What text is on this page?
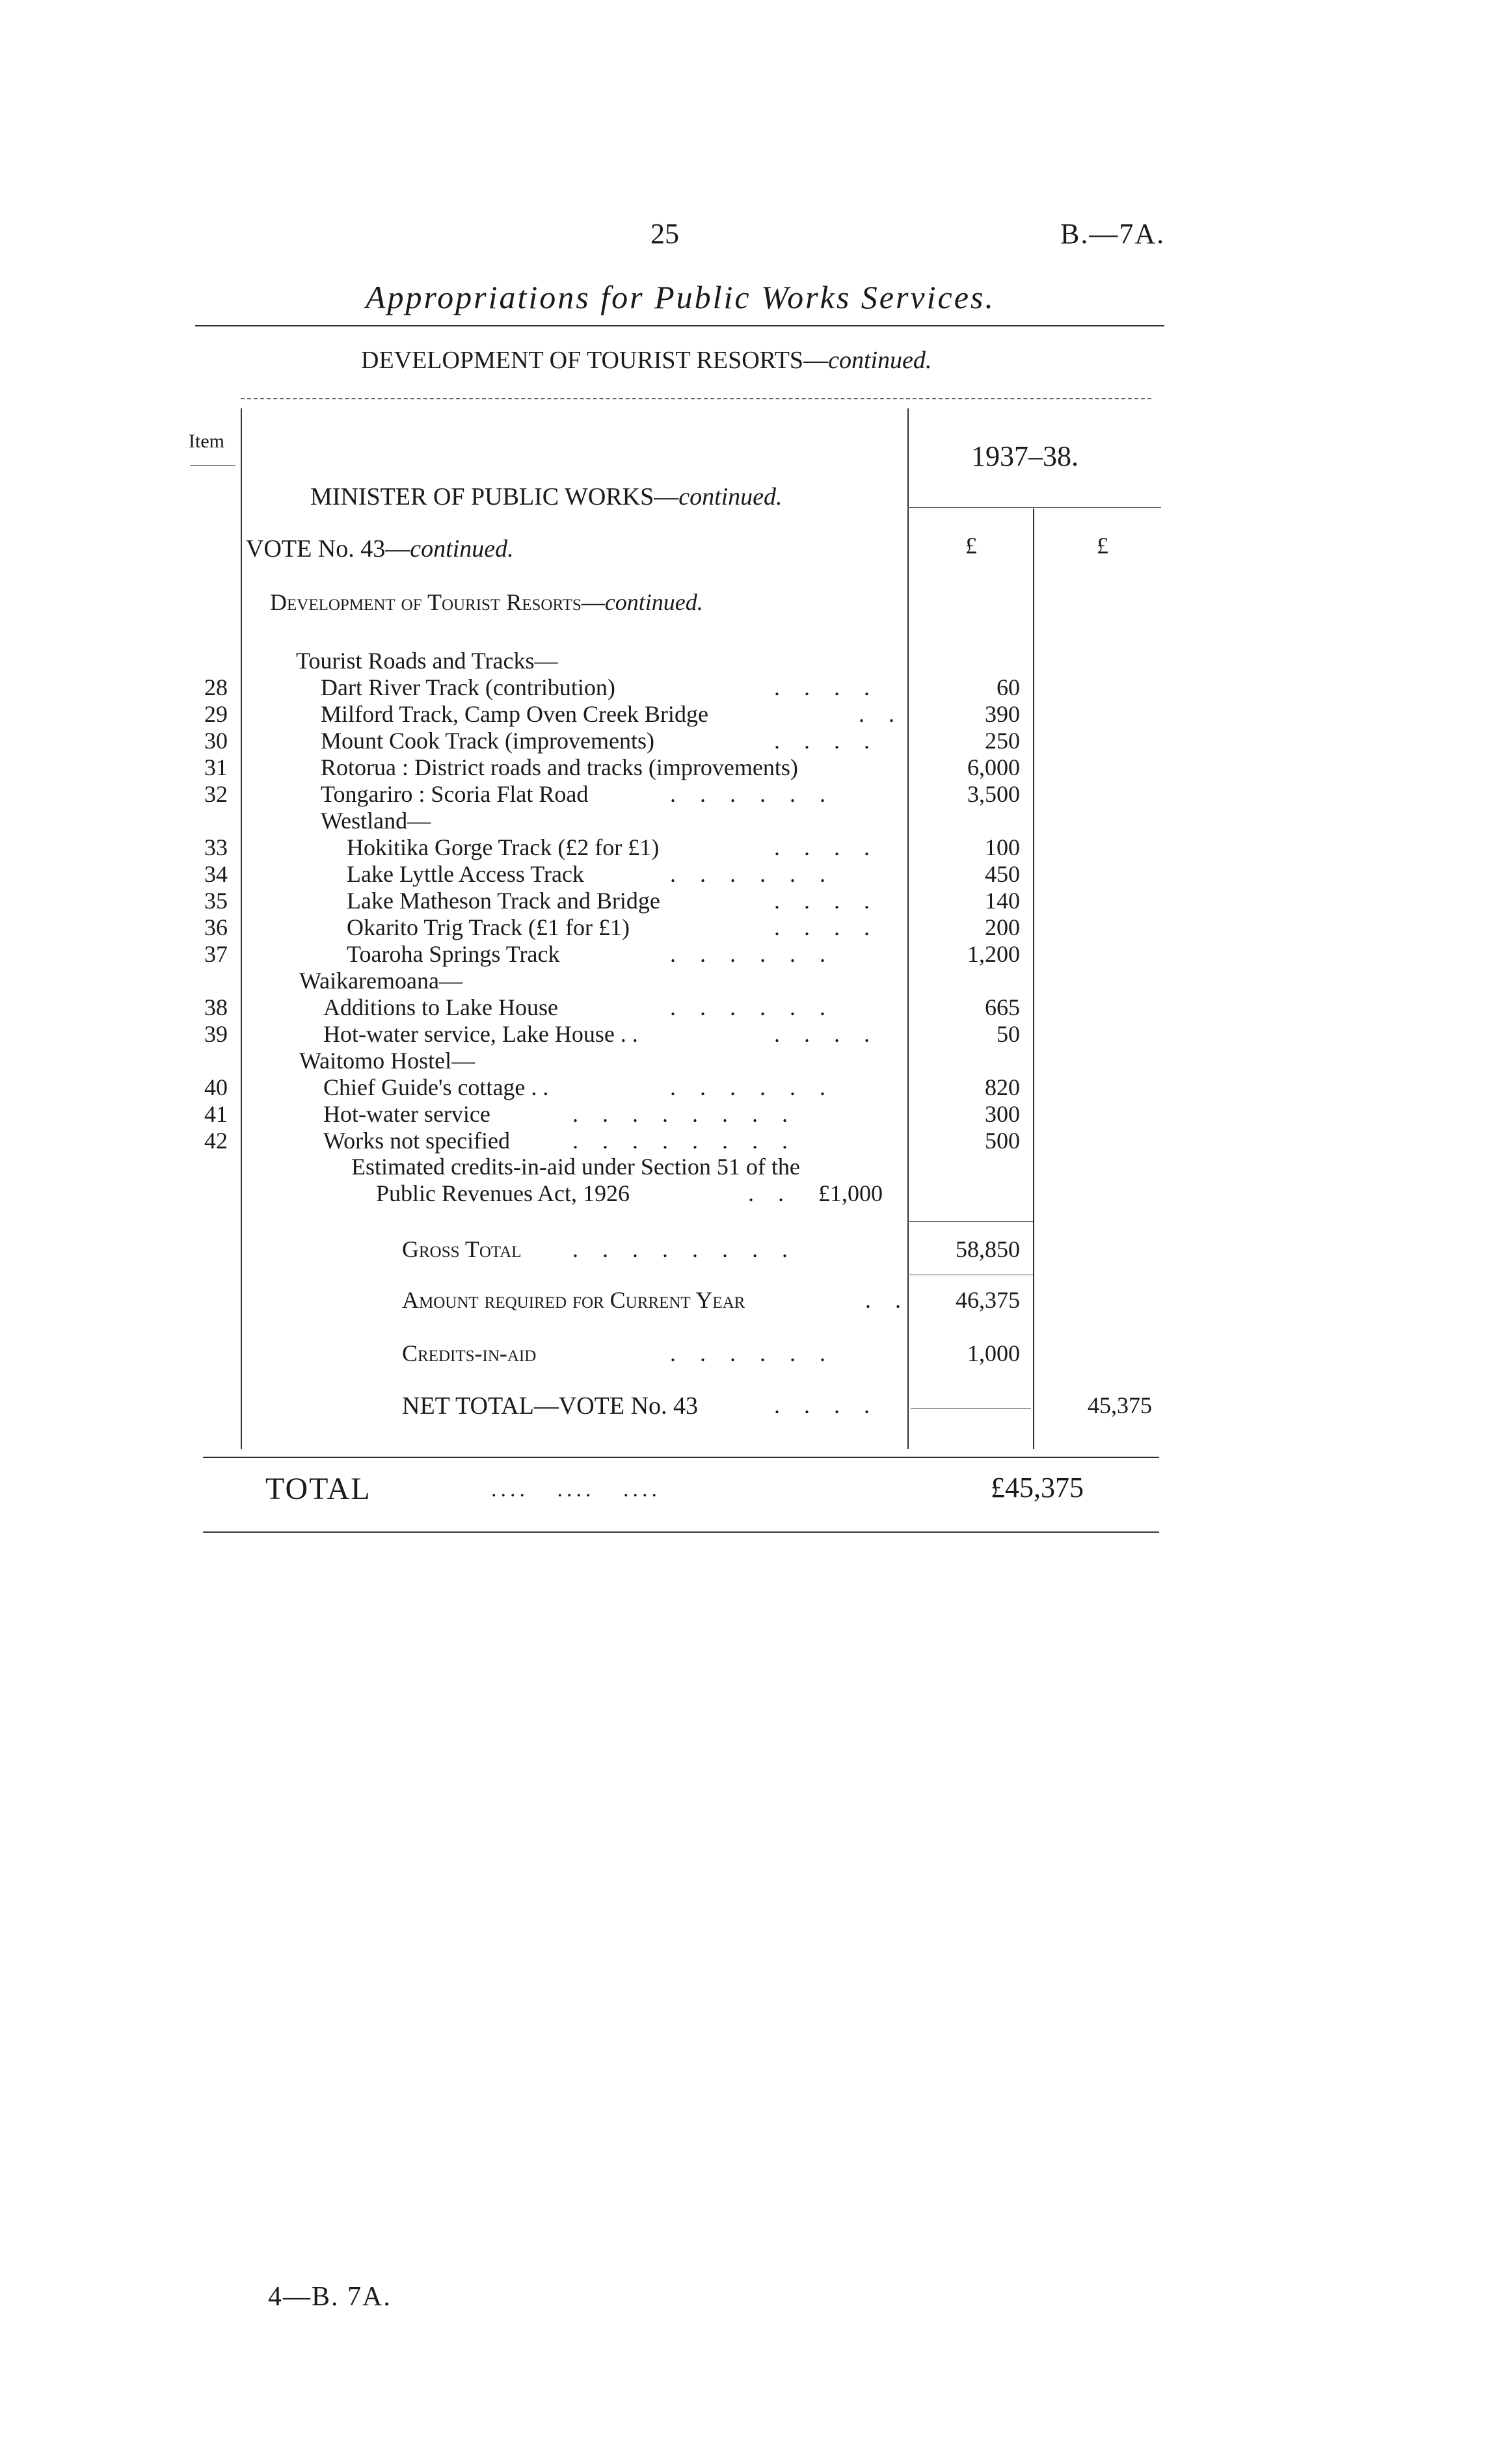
25	B.—7A.
Appropriations for Public Works Services.
DEVELOPMENT OF TOURIST RESORTS—continued.
Item	1937–38.
£	£
MINISTER OF PUBLIC WORKS—continued.
VOTE No. 43—continued.
Development of Tourist Resorts—continued.
Tourist Roads and Tracks—
28	Dart River Track (contribution)	. . . .	60
29	Milford Track, Camp Oven Creek Bridge	. .	390
30	Mount Cook Track (improvements)	. . . .	250
31	Rotorua : District roads and tracks (improvements)	6,000
32	Tongariro : Scoria Flat Road	. . . . . .	3,500
Westland—
33	Hokitika Gorge Track (£2 for £1)	. . . .	100
34	Lake Lyttle Access Track	. . . . . .	450
35	Lake Matheson Track and Bridge	. . . .	140
36	Okarito Trig Track (£1 for £1)	. . . .	200
37	Toaroha Springs Track	. . . . . .	1,200
Waikaremoana—
38	Additions to Lake House	. . . . . .	665
39	Hot-water service, Lake House . .	. . . .	50
Waitomo Hostel—
40	Chief Guide's cottage . .	. . . . . .	820
41	Hot-water service	. . . . . . . .	300
42	Works not specified	. . . . . . . .	500
Estimated credits-in-aid under Section 51 of the
Public Revenues Act, 1926	. . £1,000
Gross Total . . . . . . . .	58,850
Amount required for Current Year	. . 46,375
Credits-in-aid	. . . . . .	1,000
NET TOTAL—VOTE No. 43	. . . .	45,375
TOTAL	....   ....   ....	£45,375
4—B. 7A.
